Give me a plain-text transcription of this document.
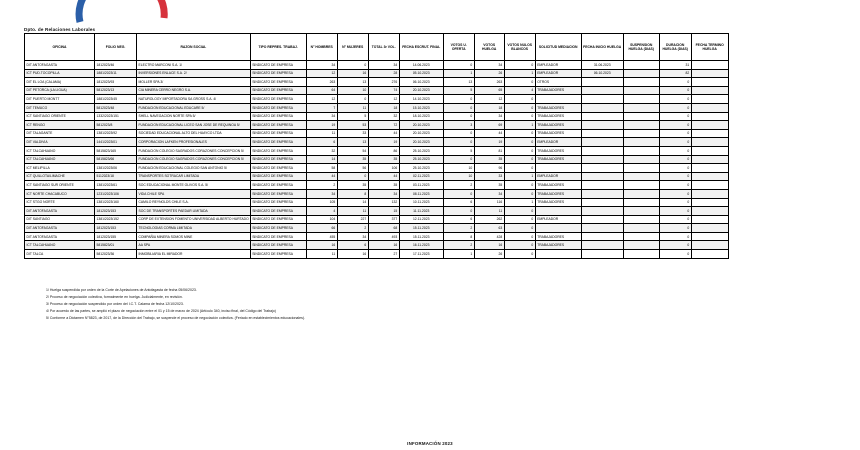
Dpto. de Relaciones Laborales
OFICINA	FOLIO NEG.	RAZON SOCIAL	TIPO REPRES. TRABAJ.	N° HOMBRES	N° MUJERES	TOTAL 3r VOL.	FECHA ESCRUT. FINAL	VOTOS U. OFERTA	VOTOS HUELGA	VOTOS NULOS BLANCOS	SOLICITUD MEDIACION	FECHA INICIO HUELGA	SUSPENSION HUELGA (DIAS)	DURACION HUELGA (DIAS)	FECHA TERMINO HUELGA
DIT ANTOFAGASTA	1812023/46	ELECTRO MARCONI S.A. 1/	SINDICATO DE EMPRESA	34	0	34	14.06.2023	0	34	0	EMPLEADOR	31.06.2023		31	
ICT PUD.TOCOPILLA	1881/2023/11	INVERSIONES ENLACE S.A. 2/	SINDICATO DE EMPRESA	12	16	28	05.10.2023	1	26	1	EMPLEADOR	06.10.2023		82	
DIT EL LOA (CALAMA)	1812023/93	MOLLER SPA 3/	SINDICATO DE EMPRESA	263	13	276	06.10.2023	13	263	0	OTROS			0	
DIT PETORCA (LA LIGUA)	5812023/13	CIA MINERA CERRO NEGRO S.A.	SINDICATO DE EMPRESA	64	10	74	20.10.2023	5	65	4	TRABAJADORES			0	
DIT PUERTO MONTT	1881/2023/45	NATUROLOGY IMPORTADORA SA GROSS S.A. 4/	SINDICATO DE EMPRESA	12	0	12	14.10.2023	0	12	0				0	
DIT TEMUCO	5812023/48	FUNDACION EDUCACIONAL EDUCARE 5/	SINDICATO DE EMPRESA	7	11	18	15.10.2023	0	18	0	TRABAJADORES			0	
ICT SANTIAGO ORIENTE	1332/2023/151	SHELL NAVEGACION NORTE SPA 5/	SINDICATO DE EMPRESA	34	5	32	18.10.2023	0	34	0	TRABAJADORES			0	
ICT RENGO	5812023/8	FUNDACION EDUCACIONAL LICEO SAN JOSE DE REQUINOA 5/	SINDICATO DE EMPRESA	19	53	72	20.10.2023	3	69	1	TRABAJADORES			0	
DIT TALAGANTE	1381/2023/92	SOCIEDAD EDUCACIONAL ALTO DEL HUAYCO LTDA	SINDICATO DE EMPRESA	11	33	44	20.10.2023	0	44	0	TRABAJADORES			0	
DIT VALDIVIA	1441/2023/01	CORPORACION LAFKEN PROFESIONALES	SINDICATO DE EMPRESA	6	13	19	20.10.2023	0	19	0	EMPLEADOR			0	
ICT TALCAHUANO	5815823/165	FUNDACION COLEGIO SAGRADOS CORAZONES CONCEPCION 5/	SINDICATO DE EMPRESA	32	54	86	25.10.2023	5	81	0	TRABAJADORES			0	
ICT TALCAHUANO	5815823/66	FUNDACION COLEGIO SAGRADOS CORAZONES CONCEPCION 5/	SINDICATO DE EMPRESA	14	35	35	25.10.2023	0	35	0	TRABAJADORES			0	
ICT MELIPILLA	1381/2023/06	FUNDACION EDUCACIONAL COLEGIO SAN ANTONIO 5/	SINDICATO DE EMPRESA	58	56	106	25.10.2023	10	96	0				0	
ICT QUILLOTA/LIMACHE	5112023/18	TRANSPORTES SOTRACAR LIMITADA	SINDICATO DE EMPRESA	44	0	44	02.11.2023	10	33	1	EMPLEADOR			0	
ICT SANTIAGO SUR ORIENTE	1381/2023/61	SOC EDUCACIONAL MONTE OLIVOS S.A. 5/	SINDICATO DE EMPRESA	2	35	35	03.11.2023	2	35	0	TRABAJADORES			0	
ICT NORTE CHACABUCO	1231/2023/106	VIDA CHILE SPA	SINDICATO DE EMPRESA	34	8	34	08.11.2023	0	34	0	TRABAJADORES			0	
ICT STGO NORTE	1381/2023/160	CAMILO REYNOLDS CHILE S.A.	SINDICATO DE EMPRESA	105	14	132	10.11.2023	6	116	1	TRABAJADORES			0	
DIT ANTOFAGASTA	1812023/153	SOC DE TRANSPORTES PAEDAR LIMITADA	SINDICATO DE EMPRESA	4	11	15	11.11.2023	0	11	0				0	
DIT SANTIAGO	1381/2023/152	CORP DE EXTENSION FOMENTO UNIVERSIDAD ALBERTO HURTADO	SINDICATO DE EMPRESA	104	227	377	12.11.2023	6	262	0	EMPLEADOR			0	
DIT ANTOFAGASTA	1812023/153	TECNOLOGIAS CORMA LIMITADA	SINDICATO DE EMPRESA	66	2	68	15.11.2023	2	63	0				0	
DIT ANTOFAGASTA	1812023/155	COMPAÑIA MINERA SOMOS MINE	SINDICATO DE EMPRESA	455	34	493	15.11.2023	8	428	0	TRABAJADORES			0	
ICT TALCAHUANO	5815823/01	AA SPA	SINDICATO DE EMPRESA	16	6	16	16.11.2023	2	16	0	TRABAJADORES			0	
DIT TALCA	5812023/36	INMOBILIARIA EL MIRADOR	SINDICATO DE EMPRESA	11	16	27	17.11.2023	1	26	0				0	
1/ Huelga suspendida por orden de la Corte de Apelaciones de Antofagasta de fecha 05/06/2023.
2/ Proceso de negociación colectiva, formalmente en huelga. Judicialmente, en revisión.
3/ Proceso de negociación suspendido por orden del I.C.T. Calama de fecha 12/10/2023.
4/ Por acuerdo de las partes, se amplió el plazo de negociación entre el 01 y 15 de marzo de 2024 (Artículo 340, inciso final, del Código del Trabajo)
5/ Conforme a Dictamen N°5823, de 2017, de la Dirección del Trabajo, se suspende el proceso de negociación colectiva. (Feriado en establecimientos educacionales).
INFORMACIÓN 2023
